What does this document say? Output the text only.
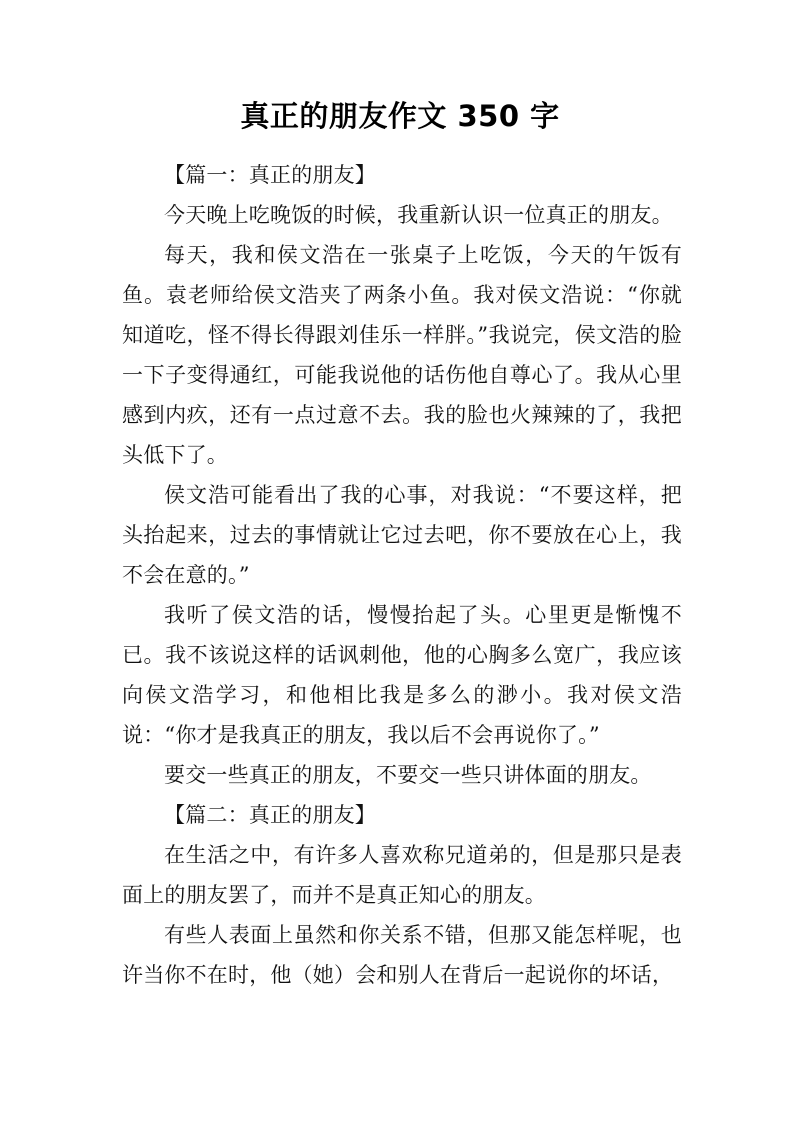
真正的朋友作文 350 字

【篇一：真正的朋友】

今天晚上吃晚饭的时候，我重新认识一位真正的朋友。

每天，我和侯文浩在一张桌子上吃饭，今天的午饭有鱼。袁老师给侯文浩夹了两条小鱼。我对侯文浩说：“你就知道吃，怪不得长得跟刘佳乐一样胖。”我说完，侯文浩的脸一下子变得通红，可能我说他的话伤他自尊心了。我从心里感到内疚，还有一点过意不去。我的脸也火辣辣的了，我把头低下了。

侯文浩可能看出了我的心事，对我说：“不要这样，把头抬起来，过去的事情就让它过去吧，你不要放在心上，我不会在意的。”

我听了侯文浩的话，慢慢抬起了头。心里更是惭愧不已。我不该说这样的话讽刺他，他的心胸多么宽广，我应该向侯文浩学习，和他相比我是多么的渺小。我对侯文浩说：“你才是我真正的朋友，我以后不会再说你了。”

要交一些真正的朋友，不要交一些只讲体面的朋友。

【篇二：真正的朋友】

在生活之中，有许多人喜欢称兄道弟的，但是那只是表面上的朋友罢了，而并不是真正知心的朋友。

有些人表面上虽然和你关系不错，但那又能怎样呢，也许当你不在时，他（她）会和别人在背后一起说你的坏话，
